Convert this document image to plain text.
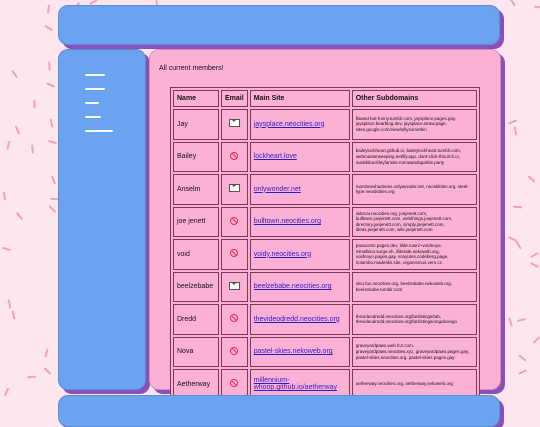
All current members!
Name	Email	Main Site	Other Subdomains
Jay		jaysplace.neocities.org	flawed-but-funny.tumblr.com, jaysplace.pages.gay, jaysplace.bearblog.dev, jaysplace.straw.page, sites.google.com/view/sillysomethin
Bailey		lockheart.love	baileylockheart.github.io, baileylockheart.tumblr.com, webmasterweeping.netlify.app, dont-click-this.itch.io, maddsbuckleyfansite.meowandsparkle.party
Anselm		onlywonder.net	mantimeshadness.onlywonder.net, neoskitties.org, steel-type.neoskitties.org
joe jenett		bulltown.neocities.org	sidecar.neocities.org, joejenett.com, bulltown.joejenett.com, webthings.joejenett.com, directory.joejenett.com, simply.joejenett.com, ideas.joejenett.com, wiki.joejenett.com
void		voidy.neocities.org	paracosm.pages.dev, tilde.town/~voidnoyo, minalbino.surge.sh, illiterate.nekoweb.org, voidnoyo.pages.gay, vonyutes.codeberg.page, nolambo.madeitks.site, organismus.vern.cc
beelzebabe		beelzebabe.neocities.org	sino.fux.neocities.org, beelzebabe.nekoweb.org, beelzebabe.tumblr.com
Dredd		thevideodredd.neocities.org	thevideodredd.neocities.org/fanlistings/tab, thevideodredd.neocities.org/fanlistings/ongoboingo
Nova		pastel-skies.nekoweb.org	graveyardpaws.web.fc2.com, graveyardpaws.neocities.xyz, graveyardpaws.pages.gay, pastel-skies.neocities.org, pastel-skies.pages.gay
Aetherway		millennium-whoop.github.io/aetherway	aetherway.neocities.org, aetherway.nekoweb.org
